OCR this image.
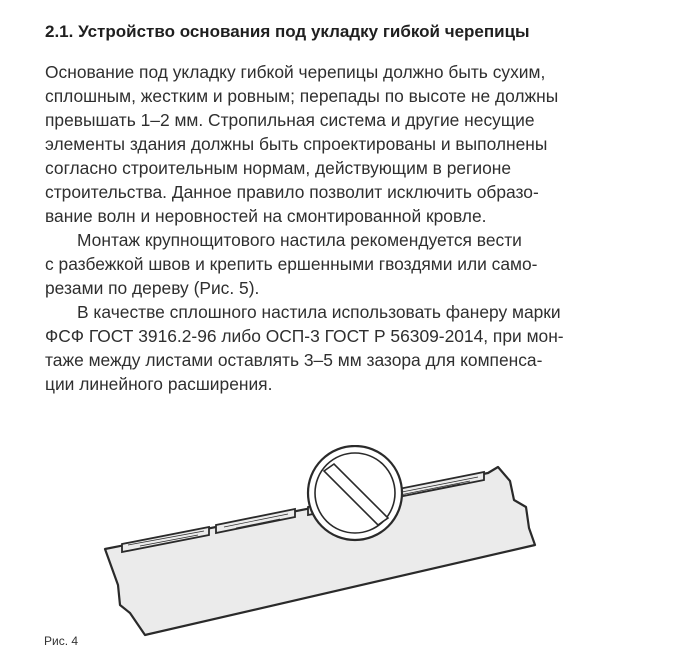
2.1. Устройство основания под укладку гибкой черепицы

Основание под укладку гибкой черепицы должно быть сухим,
сплошным, жестким и ровным; перепады по высоте не должны
превышать 1–2 мм. Стропильная система и другие несущие
элементы здания должны быть спроектированы и выполнены
согласно строительным нормам, действующим в регионе
строительства. Данное правило позволит исключить образо-
вание волн и неровностей на смонтированной кровле.

Монтаж крупнощитового настила рекомендуется вести
с разбежкой швов и крепить ершенными гвоздями или само-
резами по дереву (Рис. 5).

В качестве сплошного настила использовать фанеру марки
ФСФ ГОСТ 3916.2-96 либо ОСП-3 ГОСТ Р 56309-2014, при мон-
таже между листами оставлять 3–5 мм зазора для компенса-
ции линейного расширения.

Рис. 4
